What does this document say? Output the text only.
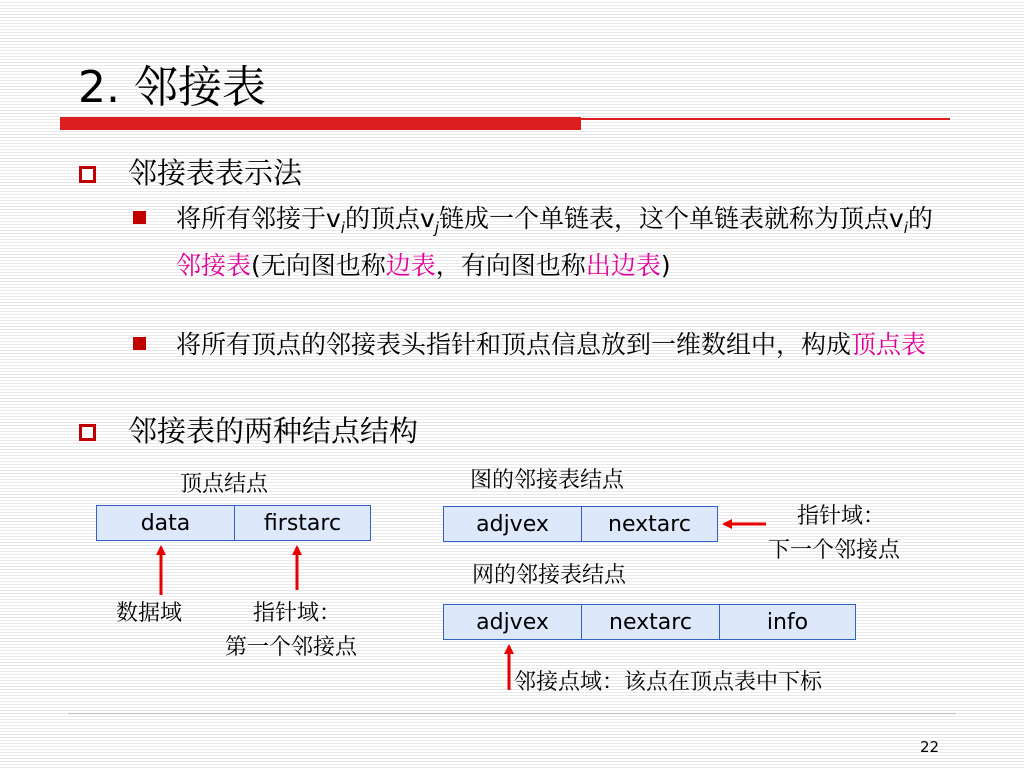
2. 邻接表
邻接表表示法
将所有邻接于$v_i$的顶点$v_j$链成一个单链表，这个单链表就称为顶点$v_i$的邻接表(无向图也称边表，有向图也称出边表)
将所有顶点的邻接表头指针和顶点信息放到一维数组中，构成顶点表
邻接表的两种结点结构
顶点结点
data	firstarc
图的邻接表结点
adjvex	nextarc	指针域：
下一个邻接点
网的邻接表结点
adjvex	nextarc	info
数据域	指针域：
第一个邻接点
邻接点域：该点在顶点表中下标
22
